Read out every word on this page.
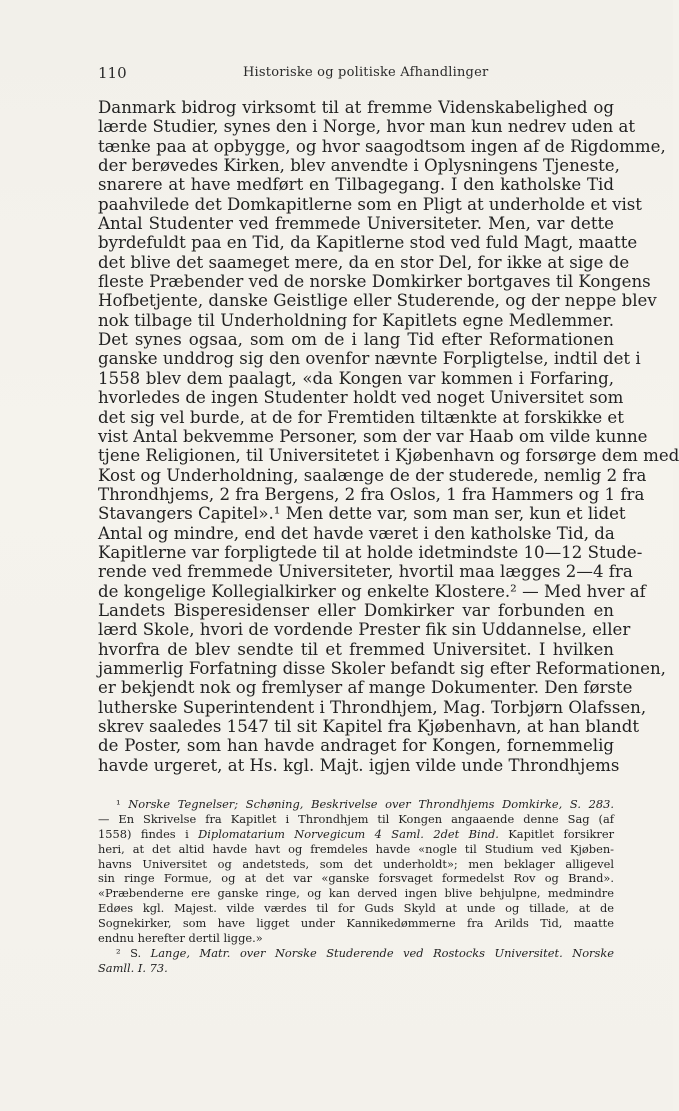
110	Historiske og politiske Afhandlinger
Danmark bidrog virksomt til at fremme Videnskabelighed og
lærde Studier, synes den i Norge, hvor man kun nedrev uden at
tænke paa at opbygge, og hvor saagodtsom ingen af de Rigdomme,
der berøvedes Kirken, blev anvendte i Oplysningens Tjeneste,
snarere at have medført en Tilbagegang. I den katholske Tid
paahvilede det Domkapitlerne som en Pligt at underholde et vist
Antal Studenter ved fremmede Universiteter. Men, var dette
byrdefuldt paa en Tid, da Kapitlerne stod ved fuld Magt, maatte
det blive det saameget mere, da en stor Del, for ikke at sige de
fleste Præbender ved de norske Domkirker bortgaves til Kongens
Hofbetjente, danske Geistlige eller Studerende, og der neppe blev
nok tilbage til Underholdning for Kapitlets egne Medlemmer.
Det synes ogsaa, som om de i lang Tid efter Reformationen
ganske unddrog sig den ovenfor nævnte Forpligtelse, indtil det i
1558 blev dem paalagt, «da Kongen var kommen i Forfaring,
hvorledes de ingen Studenter holdt ved noget Universitet som
det sig vel burde, at de for Fremtiden tiltænkte at forskikke et
vist Antal bekvemme Personer, som der var Haab om vilde kunne
tjene Religionen, til Universitetet i Kjøbenhavn og forsørge dem med
Kost og Underholdning, saalænge de der studerede, nemlig 2 fra
Throndhjems, 2 fra Bergens, 2 fra Oslos, 1 fra Hammers og 1 fra
Stavangers Capitel».¹ Men dette var, som man ser, kun et lidet
Antal og mindre, end det havde været i den katholske Tid, da
Kapitlerne var forpligtede til at holde idetmindste 10—12 Stude-
rende ved fremmede Universiteter, hvortil maa lægges 2—4 fra
de kongelige Kollegialkirker og enkelte Klostere.² — Med hver af
Landets Bisperesidenser eller Domkirker var forbunden en
lærd Skole, hvori de vordende Prester fik sin Uddannelse, eller
hvorfra de blev sendte til et fremmed Universitet. I hvilken
jammerlig Forfatning disse Skoler befandt sig efter Reformationen,
er bekjendt nok og fremlyser af mange Dokumenter. Den første
lutherske Superintendent i Throndhjem, Mag. Torbjørn Olafssen,
skrev saaledes 1547 til sit Kapitel fra Kjøbenhavn, at han blandt
de Poster, som han havde andraget for Kongen, fornemmelig
havde urgeret, at Hs. kgl. Majt. igjen vilde unde Throndhjems
¹ Norske Tegnelser; Schøning, Beskrivelse over Throndhjems Domkirke, S. 283.
— En Skrivelse fra Kapitlet i Throndhjem til Kongen angaaende denne Sag (af
1558) findes i Diplomatarium Norvegicum 4 Saml. 2det Bind. Kapitlet forsikrer
heri, at det altid havde havt og fremdeles havde «nogle til Studium ved Kjøben-
havns Universitet og andetsteds, som det underholdt»; men beklager alligevel
sin ringe Formue, og at det var «ganske forsvaget formedelst Rov og Brand».
«Præbenderne ere ganske ringe, og kan derved ingen blive behjulpne, medmindre
Edøes kgl. Majest. vilde værdes til for Guds Skyld at unde og tillade, at de
Sognekirker, som have ligget under Kannikedømmerne fra Arilds Tid, maatte
endnu herefter dertil ligge.»
² S. Lange, Matr. over Norske Studerende ved Rostocks Universitet. Norske
Samll. I. 73.
